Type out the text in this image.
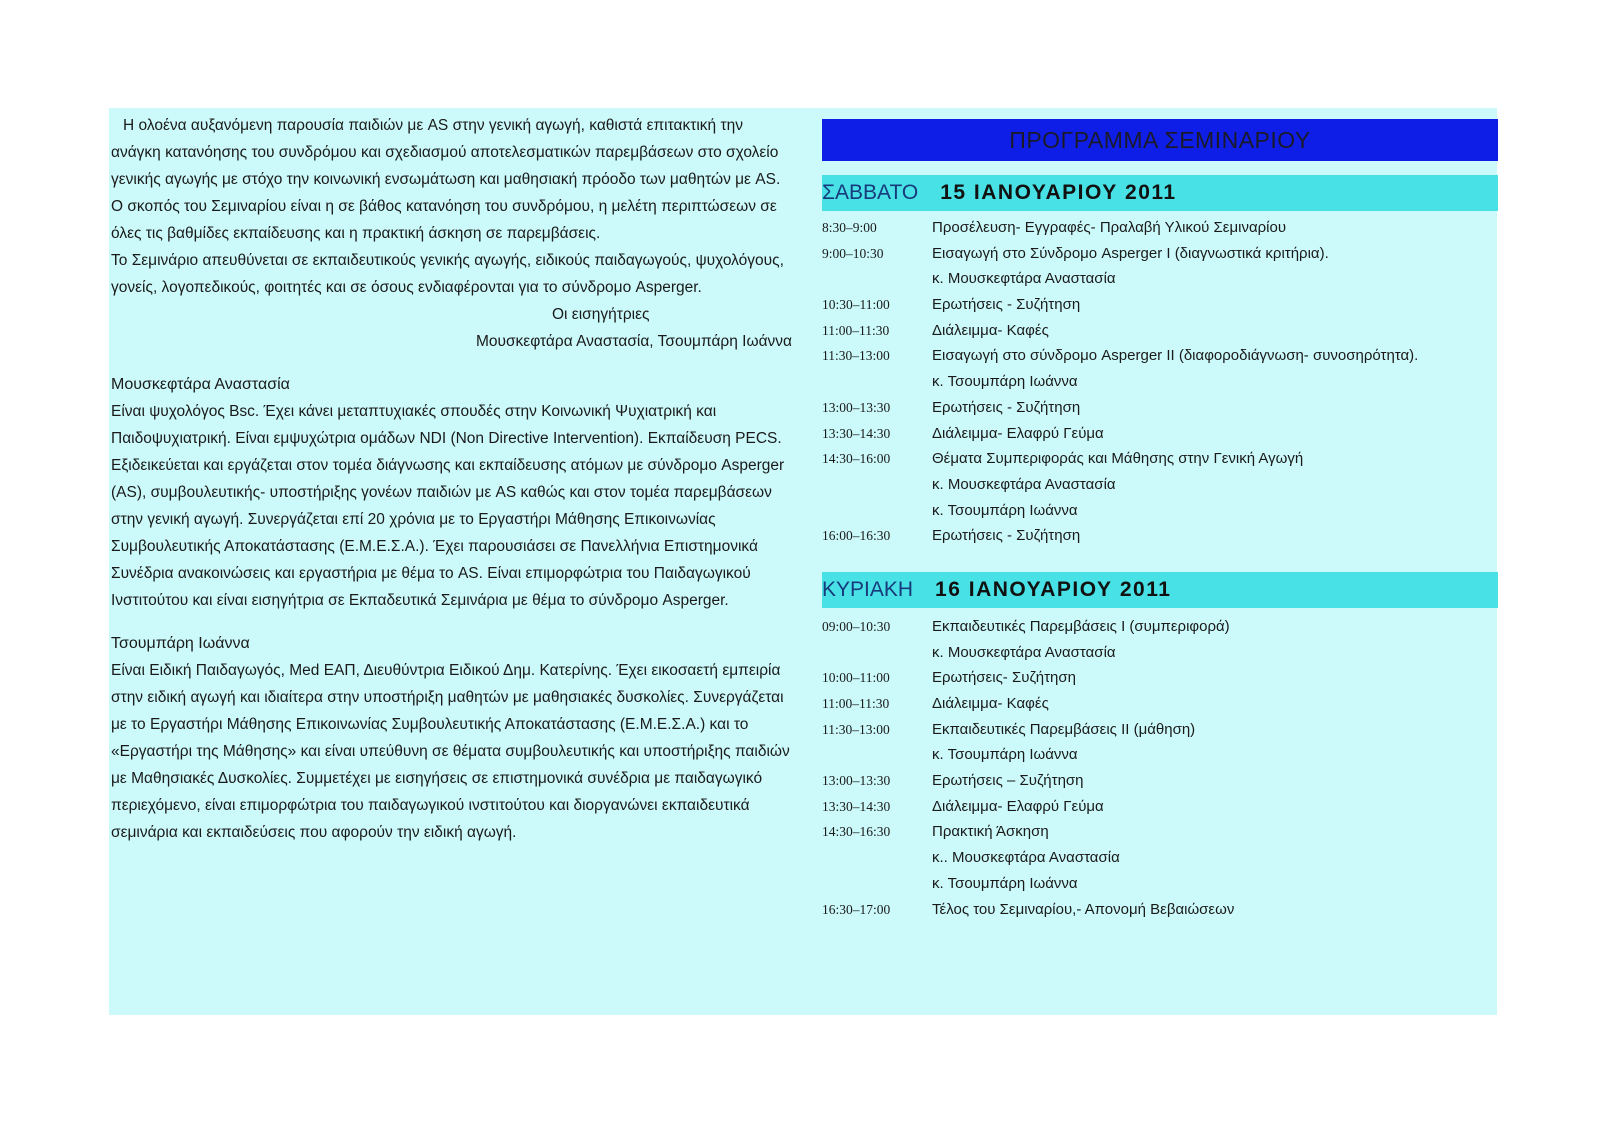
Η ολοένα αυξανόμενη παρουσία παιδιών με AS στην γενική αγωγή, καθιστά επιτακτική την ανάγκη κατανόησης του συνδρόμου και σχεδιασμού αποτελεσματικών παρεμβάσεων στο σχολείο γενικής αγωγής με στόχο την κοινωνική ενσωμάτωση και μαθησιακή πρόοδο των μαθητών με AS.

Ο σκοπός του Σεμιναρίου είναι η σε βάθος κατανόηση του συνδρόμου, η μελέτη περιπτώσεων σε όλες τις βαθμίδες εκπαίδευσης και η πρακτική άσκηση σε παρεμβάσεις.

Το Σεμινάριο απευθύνεται σε εκπαιδευτικούς γενικής αγωγής, ειδικούς παιδαγωγούς, ψυχολόγους, γονείς, λογοπεδικούς, φοιτητές και σε όσους ενδιαφέρονται για το σύνδρομο Asperger.

Οι εισηγήτριες

Μουσκεφτάρα Αναστασία, Τσουμπάρη Ιωάννα

Μουσκεφτάρα Αναστασία

Είναι ψυχολόγος Bsc. Έχει κάνει μεταπτυχιακές σπουδές στην Κοινωνική Ψυχιατρική και Παιδοψυχιατρική. Είναι εμψυχώτρια ομάδων NDI (Non Directive Intervention). Εκπαίδευση PECS. Εξιδεικεύεται και εργάζεται στον τομέα διάγνωσης και εκπαίδευσης ατόμων με σύνδρομο Asperger (AS), συμβουλευτικής- υποστήριξης γονέων παιδιών με AS καθώς και στον τομέα παρεμβάσεων στην γενική αγωγή. Συνεργάζεται επί 20 χρόνια με το Εργαστήρι Μάθησης Επικοινωνίας Συμβουλευτικής Αποκατάστασης (Ε.Μ.Ε.Σ.Α.). Έχει παρουσιάσει σε Πανελλήνια Επιστημονικά Συνέδρια ανακοινώσεις και εργαστήρια με θέμα το AS. Είναι επιμορφώτρια του Παιδαγωγικού Ινστιτούτου και είναι εισηγήτρια σε Εκπαδευτικά Σεμινάρια με θέμα το σύνδρομο Asperger.

Τσουμπάρη Ιωάννα

Είναι Ειδική Παιδαγωγός, Med ΕΑΠ, Διευθύντρια Ειδικού Δημ. Κατερίνης. Έχει εικοσαετή εμπειρία στην ειδική αγωγή και ιδιαίτερα στην υποστήριξη μαθητών με μαθησιακές δυσκολίες. Συνεργάζεται με το Εργαστήρι Μάθησης Επικοινωνίας Συμβουλευτικής Αποκατάστασης (Ε.Μ.Ε.Σ.Α.) και το «Εργαστήρι της Μάθησης» και είναι υπεύθυνη σε θέματα συμβουλευτικής και υποστήριξης παιδιών με Μαθησιακές Δυσκολίες. Συμμετέχει με εισηγήσεις σε επιστημονικά συνέδρια με παιδαγωγικό περιεχόμενο, είναι επιμορφώτρια του παιδαγωγικού ινστιτούτου και διοργανώνει εκπαιδευτικά σεμινάρια και εκπαιδεύσεις που αφορούν την ειδική αγωγή.

ΠΡΟΓΡΑΜΜΑ ΣΕΜΙΝΑΡΙΟΥ
ΣΑΒΒΑΤΟ 15 ΙΑΝΟΥΑΡΙΟΥ 2011
8:30–9:00	Προσέλευση- Εγγραφές- Πραλαβή Υλικού Σεμιναρίου
9:00–10:30	Εισαγωγή στο Σύνδρομο Asperger I (διαγνωστικά κριτήρια).
κ. Μουσκεφτάρα Αναστασία
10:30–11:00	Ερωτήσεις - Συζήτηση
11:00–11:30	Διάλειμμα- Καφές
11:30–13:00	Εισαγωγή στο σύνδρομο Asperger II (διαφοροδιάγνωση- συνοσηρότητα).
κ. Τσουμπάρη Ιωάννα
13:00–13:30	Ερωτήσεις - Συζήτηση
13:30–14:30	Διάλειμμα- Ελαφρύ Γεύμα
14:30–16:00	Θέματα Συμπεριφοράς και Μάθησης στην Γενική Αγωγή
κ. Μουσκεφτάρα Αναστασία
κ. Τσουμπάρη Ιωάννα
16:00–16:30	Ερωτήσεις - Συζήτηση
ΚΥΡΙΑΚΗ 16 ΙΑΝΟΥΑΡΙΟΥ 2011
09:00–10:30	Εκπαιδευτικές Παρεμβάσεις I (συμπεριφορά)
κ. Μουσκεφτάρα Αναστασία
10:00–11:00	Ερωτήσεις- Συζήτηση
11:00–11:30	Διάλειμμα- Καφές
11:30–13:00	Εκπαιδευτικές Παρεμβάσεις II (μάθηση)
κ. Τσουμπάρη Ιωάννα
13:00–13:30	Ερωτήσεις – Συζήτηση
13:30–14:30	Διάλειμμα- Ελαφρύ Γεύμα
14:30–16:30	Πρακτική Άσκηση
κ.. Μουσκεφτάρα Αναστασία
κ. Τσουμπάρη Ιωάννα
16:30–17:00	Τέλος του Σεμιναρίου,- Απονομή Βεβαιώσεων
